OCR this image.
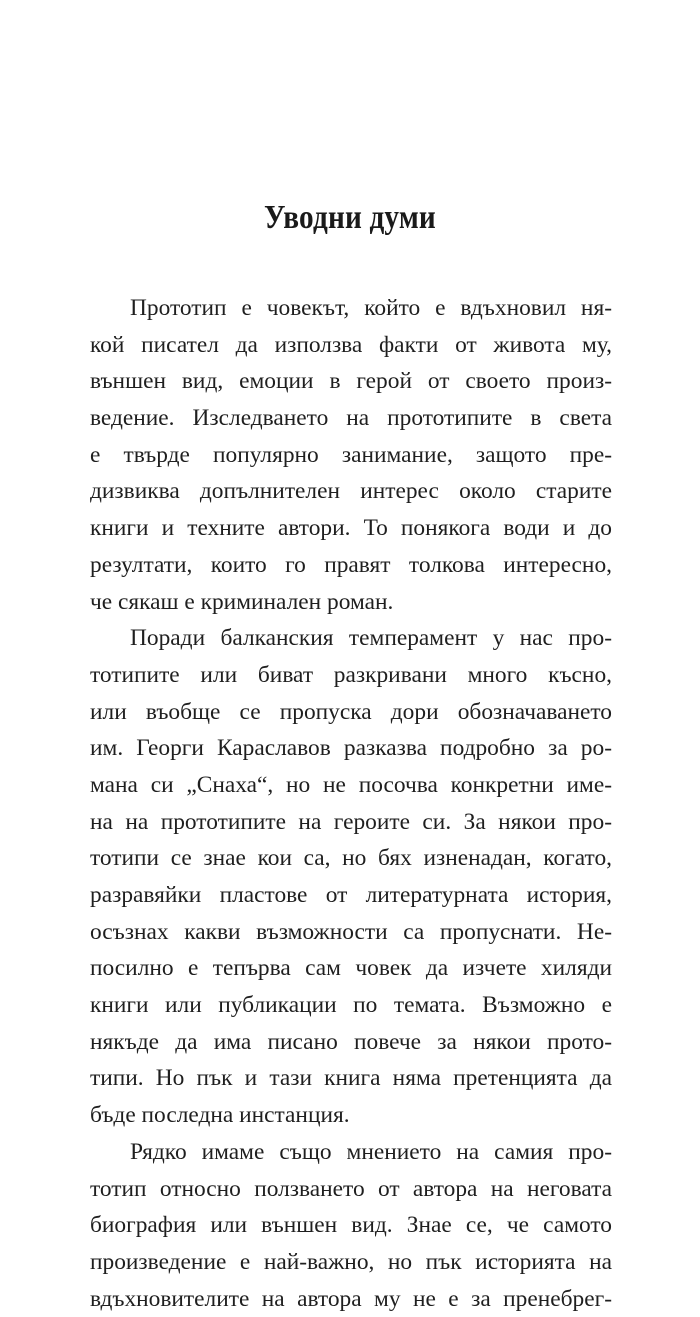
Уводни думи
Прототип е човекът, който е вдъхновил ня-
кой писател да използва факти от живота му,
външен вид, емоции в герой от своето произ-
ведение. Изследването на прототипите в света
е твърде популярно занимание, защото пре-
дизвиква допълнителен интерес около старите
книги и техните автори. То понякога води и до
резултати, които го правят толкова интересно,
че сякаш е криминален роман.
Поради балканския темперамент у нас про-
тотипите или биват разкривани много късно,
или въобще се пропуска дори обозначаването
им. Георги Караславов разказва подробно за ро-
мана си „Снаха“, но не посочва конкретни име-
на на прототипите на героите си. За някои про-
тотипи се знае кои са, но бях изненадан, когато,
разравяйки пластове от литературната история,
осъзнах какви възможности са пропуснати. Не-
посилно е тепърва сам човек да изчете хиляди
книги или публикации по темата. Възможно е
някъде да има писано повече за някои прото-
типи. Но пък и тази книга няма претенцията да
бъде последна инстанция.
Рядко имаме също мнението на самия про-
тотип относно ползването от автора на неговата
биография или външен вид. Знае се, че самото
произведение е най-важно, но пък историята на
вдъхновителите на автора му не е за пренебрег-
